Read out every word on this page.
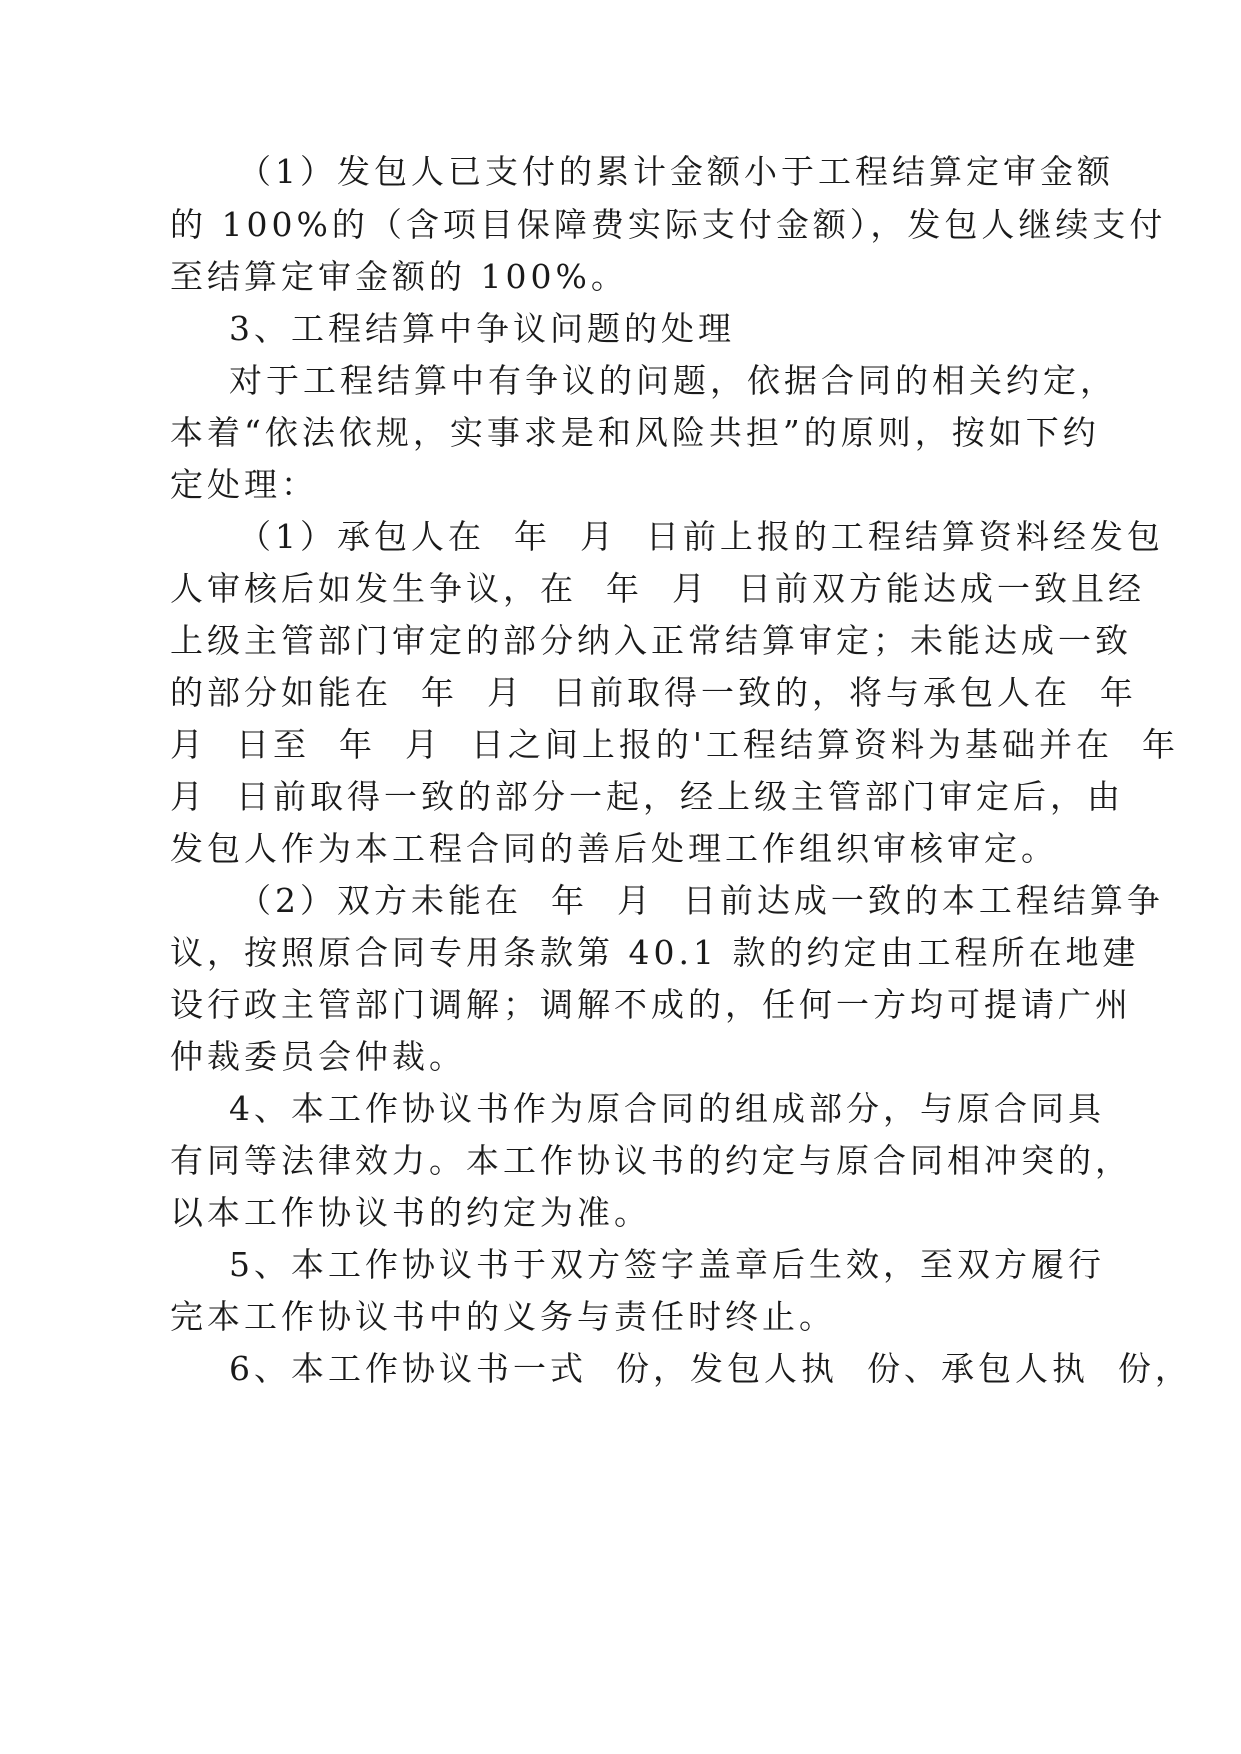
（1）发包人已支付的累计金额小于工程结算定审金额
的 100%的（含项目保障费实际支付金额），发包人继续支付
至结算定审金额的 100%。
3、工程结算中争议问题的处理
对于工程结算中有争议的问题，依据合同的相关约定，
本着“依法依规，实事求是和风险共担”的原则，按如下约
定处理：
（1）承包人在  年  月  日前上报的工程结算资料经发包
人审核后如发生争议，在  年  月  日前双方能达成一致且经
上级主管部门审定的部分纳入正常结算审定；未能达成一致
的部分如能在  年  月  日前取得一致的，将与承包人在  年
月  日至  年  月  日之间上报的'工程结算资料为基础并在  年
月  日前取得一致的部分一起，经上级主管部门审定后，由
发包人作为本工程合同的善后处理工作组织审核审定。
（2）双方未能在  年  月  日前达成一致的本工程结算争
议，按照原合同专用条款第 40.1 款的约定由工程所在地建
设行政主管部门调解；调解不成的，任何一方均可提请广州
仲裁委员会仲裁。
4、本工作协议书作为原合同的组成部分，与原合同具
有同等法律效力。本工作协议书的约定与原合同相冲突的，
以本工作协议书的约定为准。
5、本工作协议书于双方签字盖章后生效，至双方履行
完本工作协议书中的义务与责任时终止。
6、本工作协议书一式  份，发包人执  份、承包人执  份，
